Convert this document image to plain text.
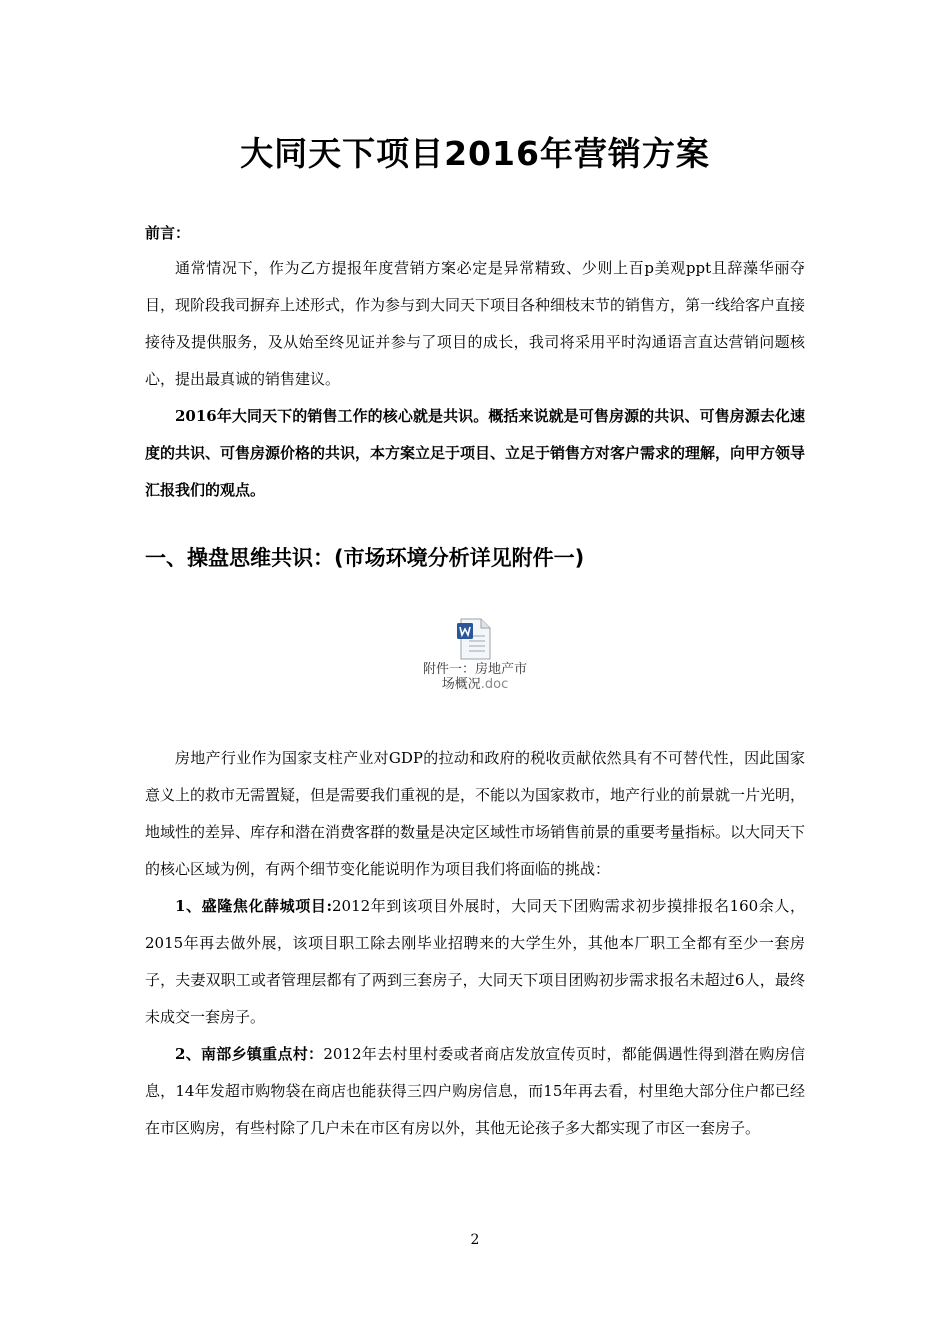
大同天下项目2016年营销方案
前言：

通常情况下，作为乙方提报年度营销方案必定是异常精致、少则上百p美观ppt且辞藻华丽夺目，现阶段我司摒弃上述形式，作为参与到大同天下项目各种细枝末节的销售方，第一线给客户直接接待及提供服务，及从始至终见证并参与了项目的成长，我司将采用平时沟通语言直达营销问题核心，提出最真诚的销售建议。

2016年大同天下的销售工作的核心就是共识。概括来说就是可售房源的共识、可售房源去化速度的共识、可售房源价格的共识，本方案立足于项目、立足于销售方对客户需求的理解，向甲方领导汇报我们的观点。

一、操盘思维共识：(市场环境分析详见附件一)
附件一：房地产市
场概况.doc

房地产行业作为国家支柱产业对GDP的拉动和政府的税收贡献依然具有不可替代性，因此国家意义上的救市无需置疑，但是需要我们重视的是，不能以为国家救市，地产行业的前景就一片光明，地域性的差异、库存和潜在消费客群的数量是决定区域性市场销售前景的重要考量指标。以大同天下的核心区域为例，有两个细节变化能说明作为项目我们将面临的挑战：

1、盛隆焦化薛城项目:2012年到该项目外展时，大同天下团购需求初步摸排报名160余人，2015年再去做外展，该项目职工除去刚毕业招聘来的大学生外，其他本厂职工全都有至少一套房子，夫妻双职工或者管理层都有了两到三套房子，大同天下项目团购初步需求报名未超过6人，最终未成交一套房子。

2、南部乡镇重点村：2012年去村里村委或者商店发放宣传页时，都能偶遇性得到潜在购房信息，14年发超市购物袋在商店也能获得三四户购房信息，而15年再去看，村里绝大部分住户都已经在市区购房，有些村除了几户未在市区有房以外，其他无论孩子多大都实现了市区一套房子。

2
